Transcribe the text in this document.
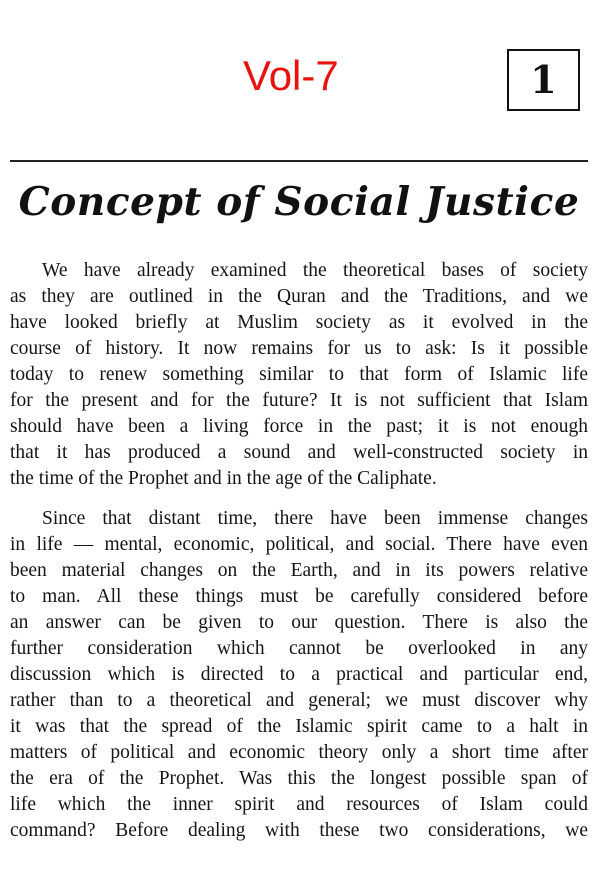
Vol-7	1
Concept of Social Justice
We have already examined the theoretical bases of society
as they are outlined in the Quran and the Traditions, and we
have looked briefly at Muslim society as it evolved in the
course of history. It now remains for us to ask: Is it possible
today to renew something similar to that form of Islamic life
for the present and for the future? It is not sufficient that Islam
should have been a living force in the past; it is not enough
that it has produced a sound and well-constructed society in
the time of the Prophet and in the age of the Caliphate.
Since that distant time, there have been immense changes
in life — mental, economic, political, and social. There have even
been material changes on the Earth, and in its powers relative
to man. All these things must be carefully considered before
an answer can be given to our question. There is also the
further consideration which cannot be overlooked in any
discussion which is directed to a practical and particular end,
rather than to a theoretical and general; we must discover why
it was that the spread of the Islamic spirit came to a halt in
matters of political and economic theory only a short time after
the era of the Prophet. Was this the longest possible span of
life which the inner spirit and resources of Islam could
command? Before dealing with these two considerations, we
